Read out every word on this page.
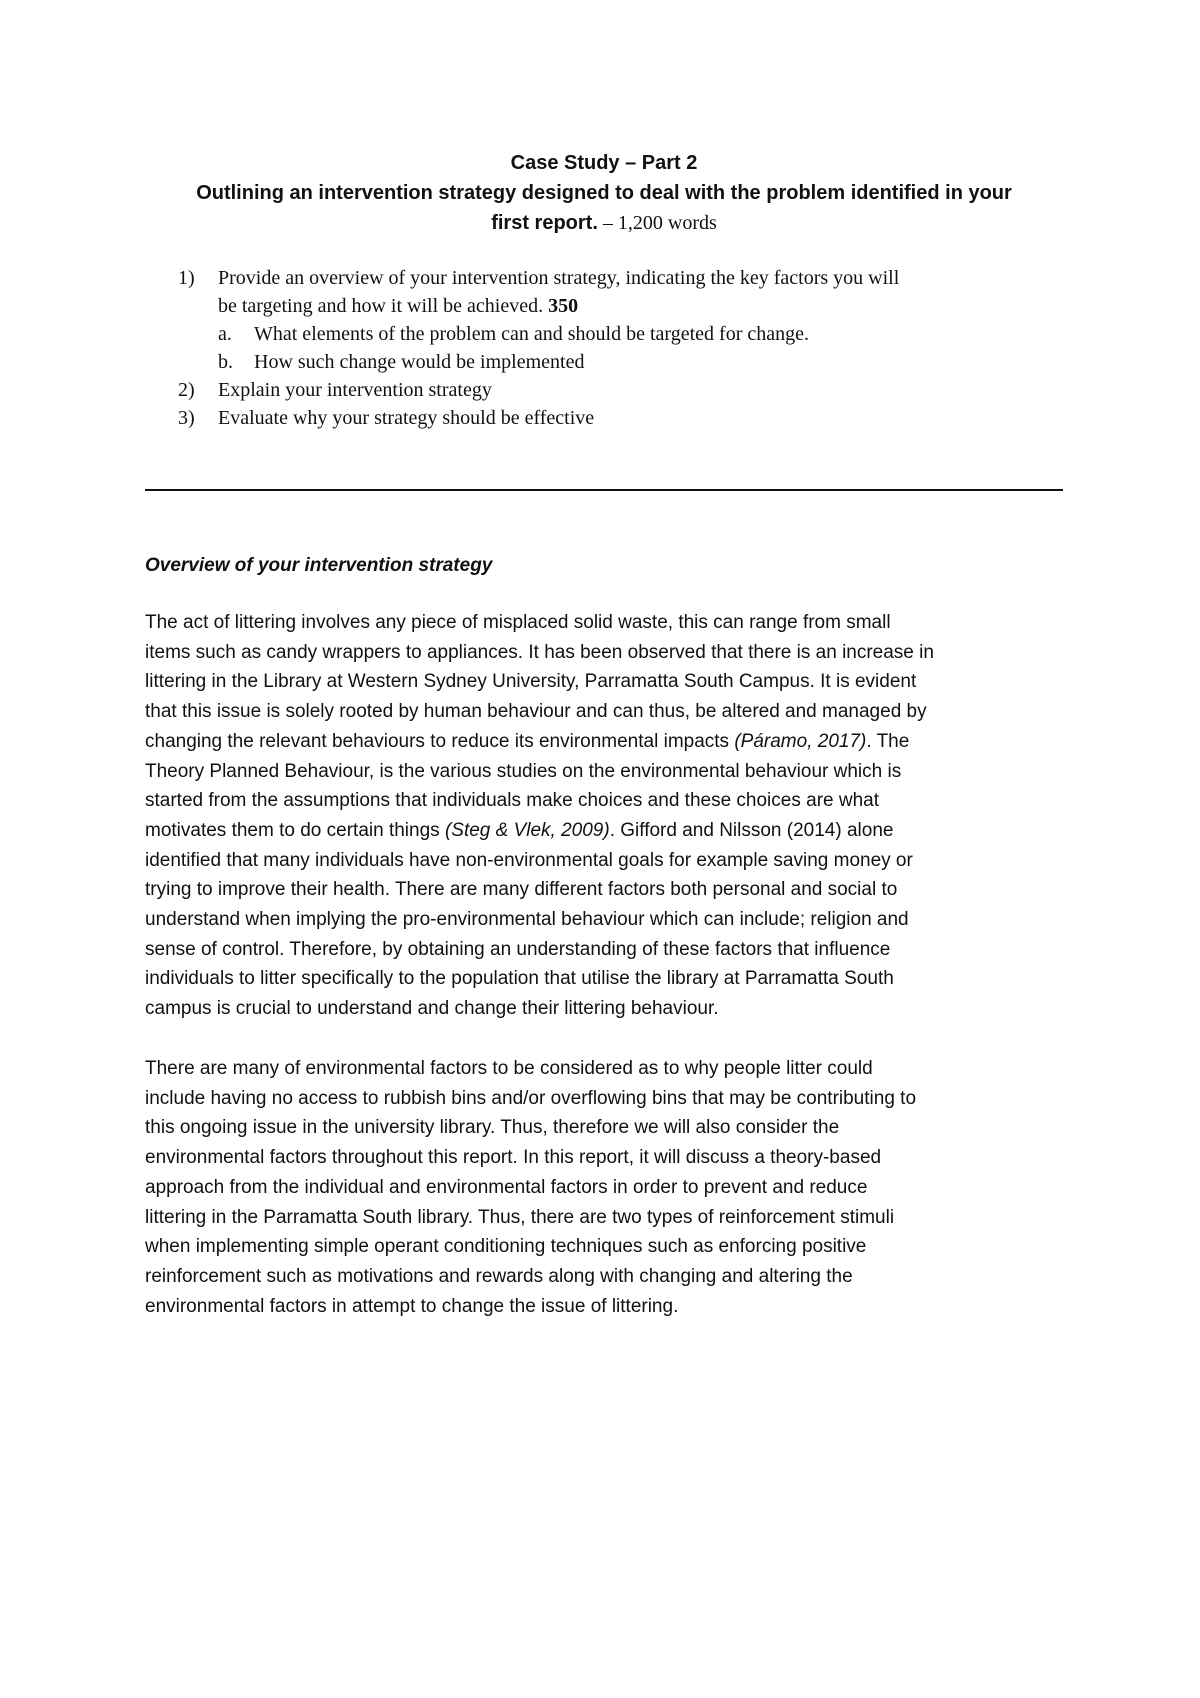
Case Study – Part 2
Outlining an intervention strategy designed to deal with the problem identified in your
first report. – 1,200 words
1) Provide an overview of your intervention strategy, indicating the key factors you will
be targeting and how it will be achieved. 350
a. What elements of the problem can and should be targeted for change.
b. How such change would be implemented
2) Explain your intervention strategy
3) Evaluate why your strategy should be effective
Overview of your intervention strategy

The act of littering involves any piece of misplaced solid waste, this can range from small
items such as candy wrappers to appliances. It has been observed that there is an increase in
littering in the Library at Western Sydney University, Parramatta South Campus. It is evident
that this issue is solely rooted by human behaviour and can thus, be altered and managed by
changing the relevant behaviours to reduce its environmental impacts (Páramo, 2017). The
Theory Planned Behaviour, is the various studies on the environmental behaviour which is
started from the assumptions that individuals make choices and these choices are what
motivates them to do certain things (Steg & Vlek, 2009). Gifford and Nilsson (2014) alone
identified that many individuals have non-environmental goals for example saving money or
trying to improve their health. There are many different factors both personal and social to
understand when implying the pro-environmental behaviour which can include; religion and
sense of control. Therefore, by obtaining an understanding of these factors that influence
individuals to litter specifically to the population that utilise the library at Parramatta South
campus is crucial to understand and change their littering behaviour.

There are many of environmental factors to be considered as to why people litter could
include having no access to rubbish bins and/or overflowing bins that may be contributing to
this ongoing issue in the university library. Thus, therefore we will also consider the
environmental factors throughout this report. In this report, it will discuss a theory-based
approach from the individual and environmental factors in order to prevent and reduce
littering in the Parramatta South library. Thus, there are two types of reinforcement stimuli
when implementing simple operant conditioning techniques such as enforcing positive
reinforcement such as motivations and rewards along with changing and altering the
environmental factors in attempt to change the issue of littering.
